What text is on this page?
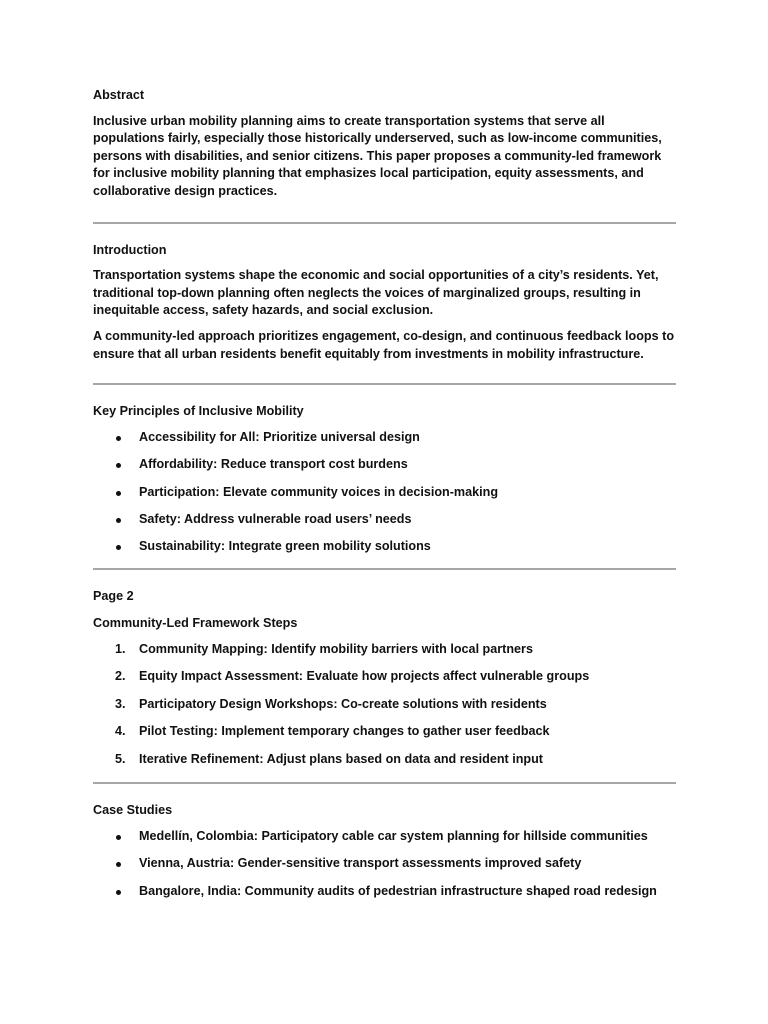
Abstract

Inclusive urban mobility planning aims to create transportation systems that serve all populations fairly, especially those historically underserved, such as low-income communities, persons with disabilities, and senior citizens. This paper proposes a community-led framework for inclusive mobility planning that emphasizes local participation, equity assessments, and collaborative design practices.

Introduction

Transportation systems shape the economic and social opportunities of a city’s residents. Yet, traditional top-down planning often neglects the voices of marginalized groups, resulting in inequitable access, safety hazards, and social exclusion.

A community-led approach prioritizes engagement, co-design, and continuous feedback loops to ensure that all urban residents benefit equitably from investments in mobility infrastructure.

Key Principles of Inclusive Mobility
Accessibility for All: Prioritize universal design
Affordability: Reduce transport cost burdens
Participation: Elevate community voices in decision-making
Safety: Address vulnerable road users’ needs
Sustainability: Integrate green mobility solutions
Page 2
Community-Led Framework Steps
1. Community Mapping: Identify mobility barriers with local partners
2. Equity Impact Assessment: Evaluate how projects affect vulnerable groups
3. Participatory Design Workshops: Co-create solutions with residents
4. Pilot Testing: Implement temporary changes to gather user feedback
5. Iterative Refinement: Adjust plans based on data and resident input
Case Studies
Medellín, Colombia: Participatory cable car system planning for hillside communities
Vienna, Austria: Gender-sensitive transport assessments improved safety
Bangalore, India: Community audits of pedestrian infrastructure shaped road redesign
